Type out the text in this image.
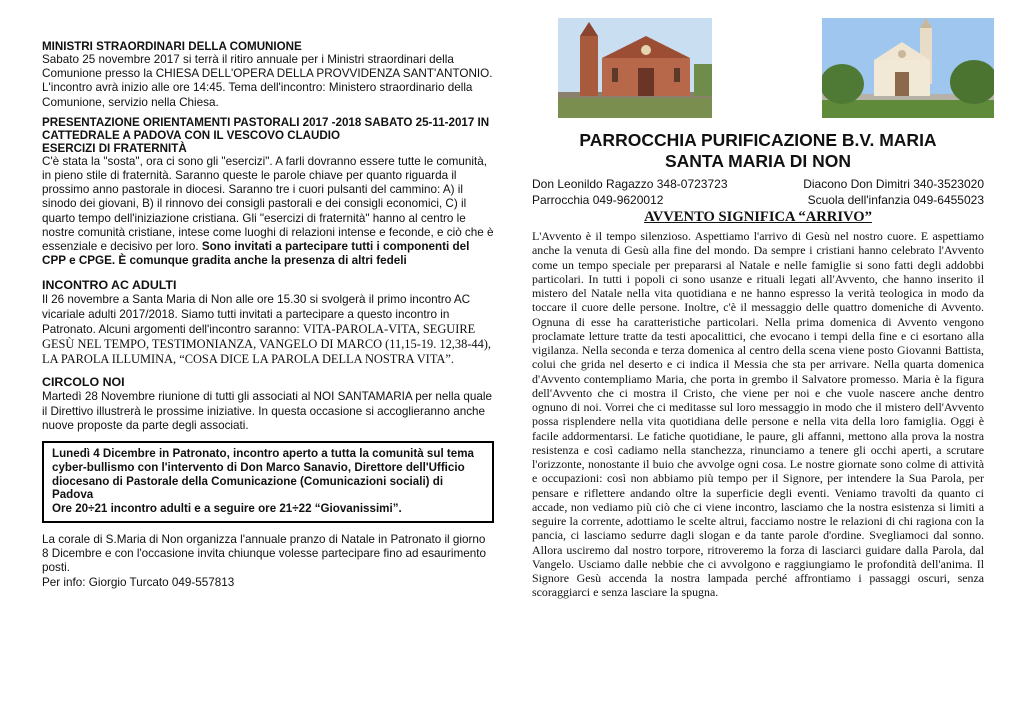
MINISTRI STRAORDINARI DELLA COMUNIONE

Sabato 25 novembre 2017 si terrà il ritiro annuale per i Ministri straordinari della Comunione presso la CHIESA DELL'OPERA DELLA PROVVIDENZA SANT'ANTONIO. L'incontro avrà inizio alle ore 14:45. Tema dell'incontro: Ministero straordinario della Comunione, servizio nella Chiesa.

PRESENTAZIONE ORIENTAMENTI PASTORALI 2017 -2018 SABATO 25-11-2017 IN CATTEDRALE A PADOVA CON IL VESCOVO CLAUDIO

ESERCIZI DI FRATERNITÀ

C'è stata la "sosta", ora ci sono gli "esercizi". A farli dovranno essere tutte le comunità, in pieno stile di fraternità. Saranno queste le parole chiave per quanto riguarda il prossimo anno pastorale in diocesi. Saranno tre i cuori pulsanti del cammino: A) il sinodo dei giovani, B) il rinnovo dei consigli pastorali e dei consigli economici, C) il quarto tempo dell'iniziazione cristiana. Gli "esercizi di fraternità" hanno al centro le nostre comunità cristiane, intese come luoghi di relazioni intense e feconde, e ciò che è essenziale e decisivo per loro. Sono invitati a partecipare tutti i componenti del CPP e CPGE. È comunque gradita anche la presenza di altri fedeli

INCONTRO AC ADULTI

Il 26 novembre a Santa Maria di Non alle ore 15.30 si svolgerà il primo incontro AC vicariale adulti 2017/2018. Siamo tutti invitati a partecipare a questo incontro in Patronato. Alcuni argomenti dell'incontro saranno: VITA-PAROLA-VITA, SEGUIRE GESÙ NEL TEMPO, TESTIMONIANZA, VANGELO DI MARCO (11,15-19. 12,38-44), LA PAROLA ILLUMINA, “COSA DICE LA PAROLA DELLA NOSTRA VITA”.

CIRCOLO NOI

Martedì 28 Novembre riunione di tutti gli associati al NOI SANTAMARIA per nella quale il Direttivo illustrerà le prossime iniziative. In questa occasione si accoglieranno anche nuove proposte da parte degli associati.

Lunedì 4 Dicembre in Patronato, incontro aperto a tutta la comunità sul tema cyber-bullismo con l'intervento di Don Marco Sanavio, Direttore dell'Ufficio diocesano di Pastorale della Comunicazione (Comunicazioni sociali) di Padova
Ore 20÷21 incontro adulti e a seguire ore 21÷22 “Giovanissimi”.

La corale di S.Maria di Non organizza l'annuale pranzo di Natale in Patronato il giorno 8 Dicembre e con l'occasione invita chiunque volesse partecipare fino ad esaurimento posti.

Per info: Giorgio Turcato 049-557813

PARROCCHIA PURIFICAZIONE B.V. MARIA
SANTA MARIA DI NON
Don Leonildo Ragazzo 348-0723723	Diacono Don Dimitri 340-3523020
Parrocchia 049-9620012	Scuola dell'infanzia 049-6455023
AVVENTO SIGNIFICA “ARRIVO”

L'Avvento è il tempo silenzioso. Aspettiamo l'arrivo di Gesù nel nostro cuore. E aspettiamo anche la venuta di Gesù alla fine del mondo. Da sempre i cristiani hanno celebrato l'Avvento come un tempo speciale per prepararsi al Natale e nelle famiglie si sono fatti degli addobbi particolari. In tutti i popoli ci sono usanze e rituali legati all'Avvento, che hanno inserito il mistero del Natale nella vita quotidiana e ne hanno espresso la verità teologica in modo da toccare il cuore delle persone. Inoltre, c'è il messaggio delle quattro domeniche di Avvento. Ognuna di esse ha caratteristiche particolari. Nella prima domenica di Avvento vengono proclamate letture tratte da testi apocalittici, che evocano i tempi della fine e ci esortano alla vigilanza. Nella seconda e terza domenica al centro della scena viene posto Giovanni Battista, colui che grida nel deserto e ci indica il Messia che sta per arrivare. Nella quarta domenica d'Avvento contempliamo Maria, che porta in grembo il Salvatore promesso. Maria è la figura dell'Avvento che ci mostra il Cristo, che viene per noi e che vuole nascere anche dentro ognuno di noi. Vorrei che ci meditasse sul loro messaggio in modo che il mistero dell'Avvento possa risplendere nella vita quotidiana delle persone e nella vita della loro famiglia. Oggi è facile addormentarsi. Le fatiche quotidiane, le paure, gli affanni, mettono alla prova la nostra resistenza e così cadiamo nella stanchezza, rinunciamo a tenere gli occhi aperti, a scrutare l'orizzonte, nonostante il buio che avvolge ogni cosa. Le nostre giornate sono colme di attività e occupazioni: così non abbiamo più tempo per il Signore, per intendere la Sua Parola, per pensare e riflettere andando oltre la superficie degli eventi. Veniamo travolti da quanto ci accade, non vediamo più ciò che ci viene incontro, lasciamo che la nostra esistenza si limiti a seguire la corrente, adottiamo le scelte altrui, facciamo nostre le relazioni di chi ragiona con la pancia, ci lasciamo sedurre dagli slogan e da tante parole d'ordine. Svegliamoci dal sonno. Allora usciremo dal nostro torpore, ritroveremo la forza di lasciarci guidare dalla Parola, dal Vangelo. Usciamo dalle nebbie che ci avvolgono e raggiungiamo le profondità dell'anima. Il Signore Gesù accenda la nostra lampada perché affrontiamo i passaggi oscuri, senza scoraggiarci e senza lasciare la spugna.
